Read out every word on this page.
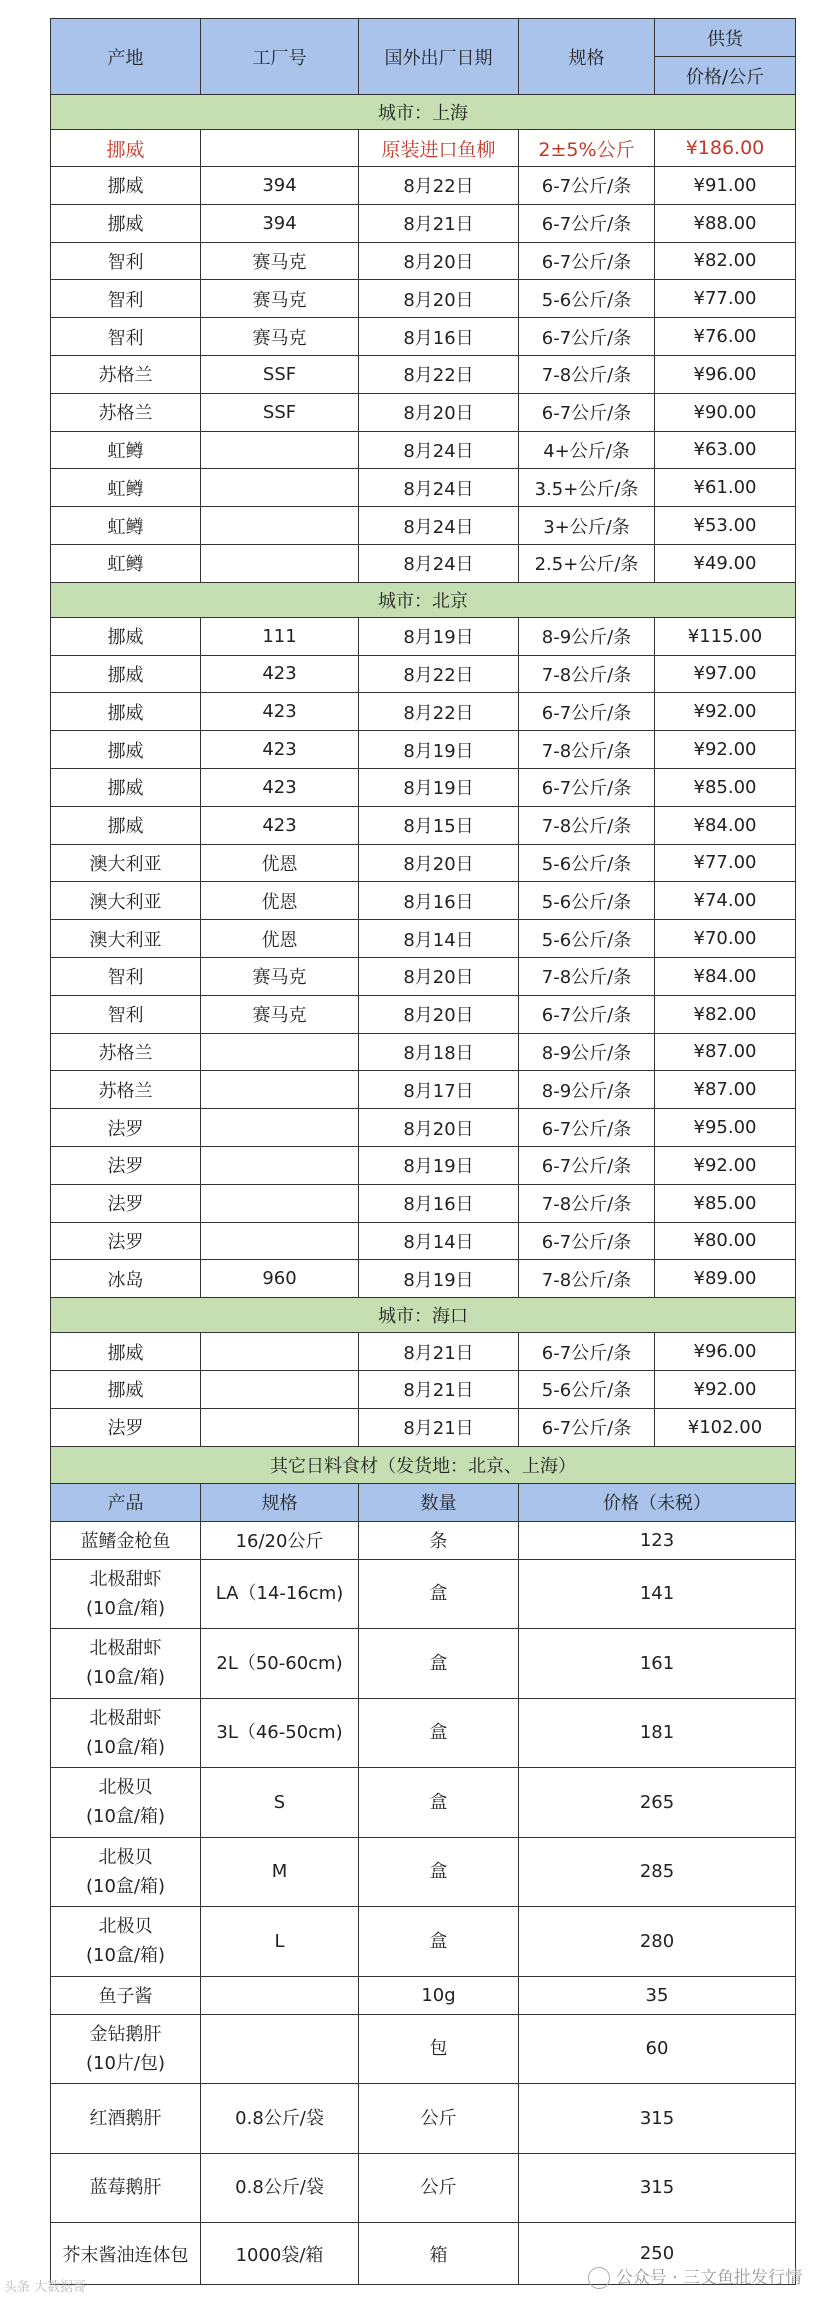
产地	工厂号	国外出厂日期	规格	供货
				价格/公斤
城市：上海				
挪威		原装进口鱼柳	2±5%公斤	¥186.00
挪威	394	8月22日	6-7公斤/条	¥91.00
挪威	394	8月21日	6-7公斤/条	¥88.00
智利	赛马克	8月20日	6-7公斤/条	¥82.00
智利	赛马克	8月20日	5-6公斤/条	¥77.00
智利	赛马克	8月16日	6-7公斤/条	¥76.00
苏格兰	SSF	8月22日	7-8公斤/条	¥96.00
苏格兰	SSF	8月20日	6-7公斤/条	¥90.00
虹鳟		8月24日	4+公斤/条	¥63.00
虹鳟		8月24日	3.5+公斤/条	¥61.00
虹鳟		8月24日	3+公斤/条	¥53.00
虹鳟		8月24日	2.5+公斤/条	¥49.00
城市：北京				
挪威	111	8月19日	8-9公斤/条	¥115.00
挪威	423	8月22日	7-8公斤/条	¥97.00
挪威	423	8月22日	6-7公斤/条	¥92.00
挪威	423	8月19日	7-8公斤/条	¥92.00
挪威	423	8月19日	6-7公斤/条	¥85.00
挪威	423	8月15日	7-8公斤/条	¥84.00
澳大利亚	优恩	8月20日	5-6公斤/条	¥77.00
澳大利亚	优恩	8月16日	5-6公斤/条	¥74.00
澳大利亚	优恩	8月14日	5-6公斤/条	¥70.00
智利	赛马克	8月20日	7-8公斤/条	¥84.00
智利	赛马克	8月20日	6-7公斤/条	¥82.00
苏格兰		8月18日	8-9公斤/条	¥87.00
苏格兰		8月17日	8-9公斤/条	¥87.00
法罗		8月20日	6-7公斤/条	¥95.00
法罗		8月19日	6-7公斤/条	¥92.00
法罗		8月16日	7-8公斤/条	¥85.00
法罗		8月14日	6-7公斤/条	¥80.00
冰岛	960	8月19日	7-8公斤/条	¥89.00
城市：海口				
挪威		8月21日	6-7公斤/条	¥96.00
挪威		8月21日	5-6公斤/条	¥92.00
法罗		8月21日	6-7公斤/条	¥102.00
其它日料食材（发货地：北京、上海）				
产品	规格	数量	价格（未税）	
蓝鳍金枪鱼	16/20公斤	条	123	
北极甜虾
(10盒/箱)	LA（14-16cm)	盒	141	
北极甜虾
(10盒/箱)	2L（50-60cm)	盒	161	
北极甜虾
(10盒/箱)	3L（46-50cm)	盒	181	
北极贝
(10盒/箱)	S	盒	265	
北极贝
(10盒/箱)	M	盒	285	
北极贝
(10盒/箱)	L	盒	280	
鱼子酱		10g	35	
金钻鹅肝
(10片/包)		包	60	
红酒鹅肝	0.8公斤/袋	公斤	315	
蓝莓鹅肝	0.8公斤/袋	公斤	315	
芥末酱油连体包	1000袋/箱	箱	250	
头条 大数据哥	公众号 · 三文鱼批发行情
